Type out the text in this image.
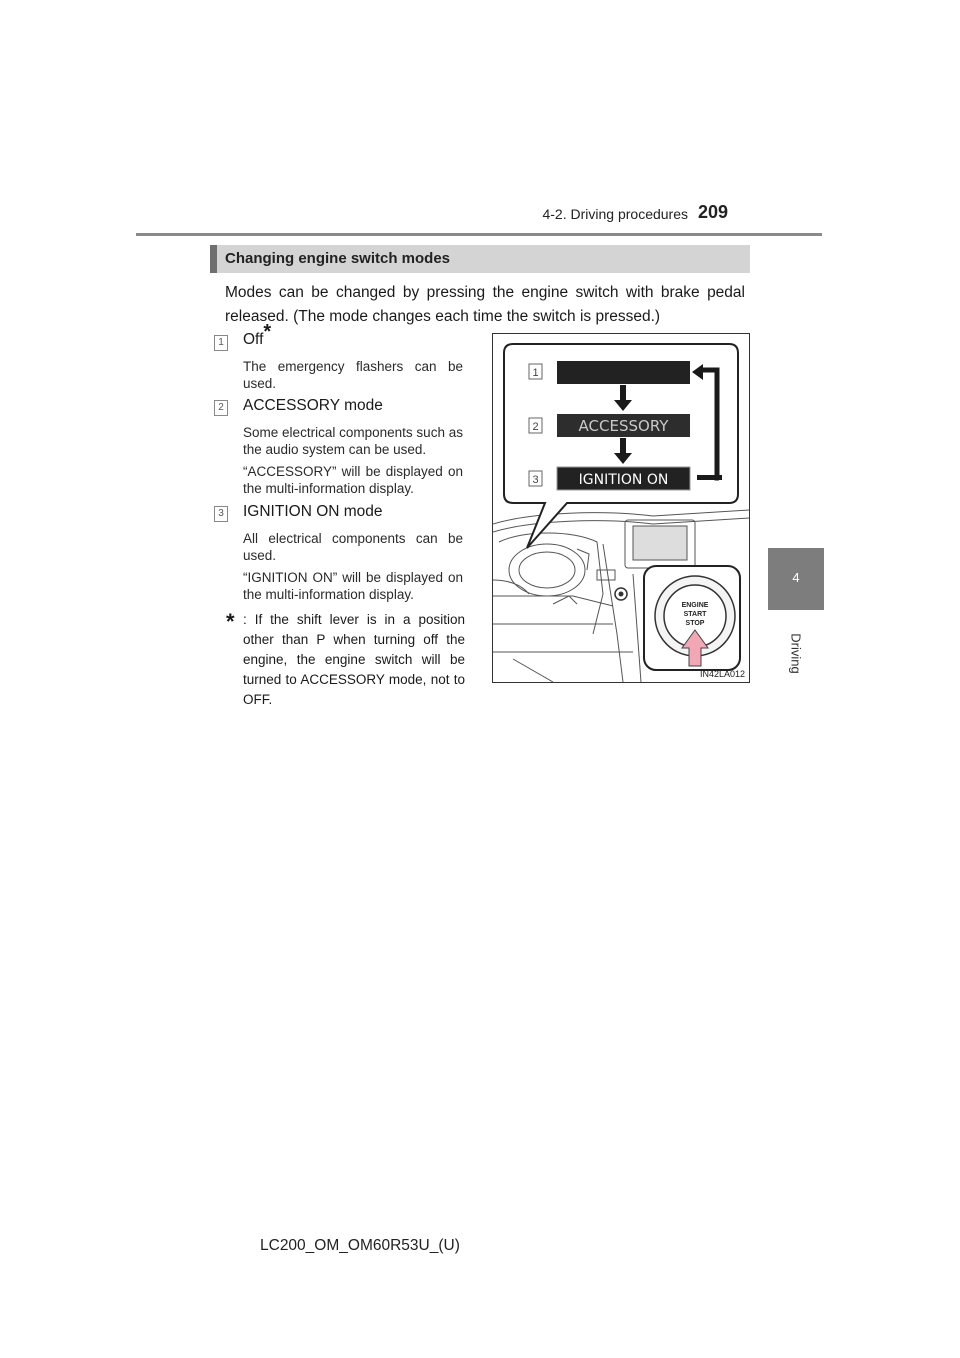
4-2. Driving procedures 209
4
Driving
Changing engine switch modes
Modes can be changed by pressing the engine switch with brake pedal released. (The mode changes each time the switch is pressed.)
1 Off*
The emergency flashers can be used.
2 ACCESSORY mode
Some electrical components such as the audio system can be used.
“ACCESSORY” will be displayed on the multi-information display.
3 IGNITION ON mode
All electrical components can be used.
“IGNITION ON” will be displayed on the multi-information display.
* : If the shift lever is in a position other than P when turning off the engine, the engine switch will be turned to ACCESSORY mode, not to OFF.
ACCESSORY
IGNITION ON
1
2
3
ENGINE
START
STOP
IN42LA012
LC200_OM_OM60R53U_(U)
